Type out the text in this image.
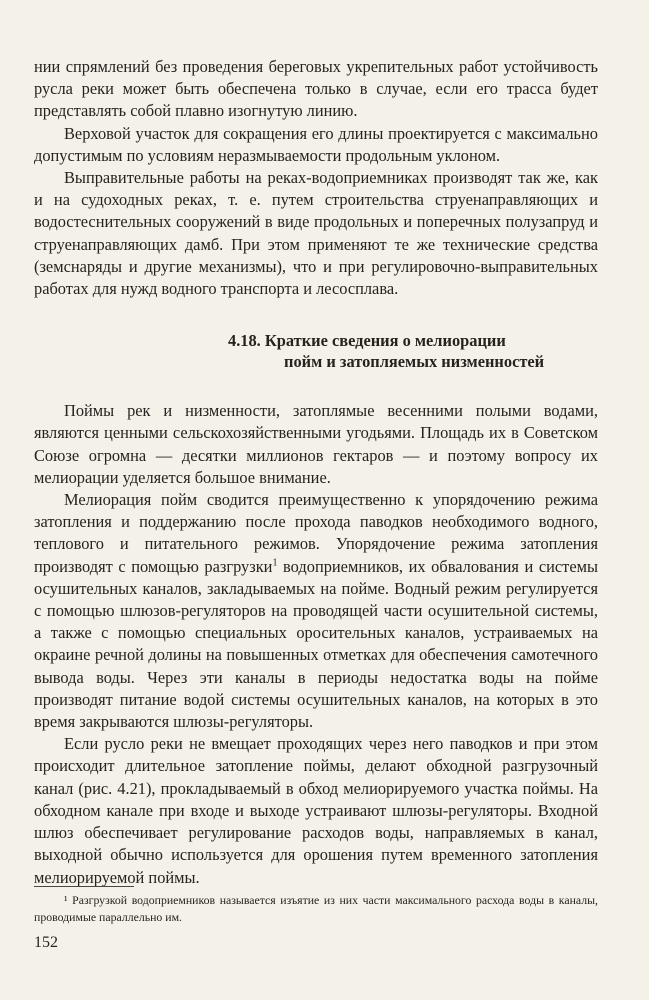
нии спрямлений без проведения береговых укрепительных работ устойчивость русла реки может быть обеспечена только в случае, если его трасса будет представлять собой плавно изогнутую линию.

Верховой участок для сокращения его длины проектируется с максимально допустимым по условиям неразмываемости продольным уклоном.

Выправительные работы на реках-водоприемниках производят так же, как и на судоходных реках, т. е. путем строительства струенаправляющих и водостеснительных сооружений в виде продольных и поперечных полузапруд и струенаправляющих дамб. При этом применяют те же технические средства (земснаряды и другие механизмы), что и при регулировочно-выправительных работах для нужд водного транспорта и лесосплава.

4.18. Краткие сведения о мелиорации
пойм и затопляемых низменностей

Поймы рек и низменности, затоплямые весенними полыми водами, являются ценными сельскохозяйственными угодьями. Площадь их в Советском Союзе огромна — десятки миллионов гектаров — и поэтому вопросу их мелиорации уделяется большое внимание.

Мелиорация пойм сводится преимущественно к упорядочению режима затопления и поддержанию после прохода паводков необходимого водного, теплового и питательного режимов. Упорядочение режима затопления производят с помощью разгрузки$^1$ водоприемников, их обвалования и системы осушительных каналов, закладываемых на пойме. Водный режим регулируется с помощью шлюзов-регуляторов на проводящей части осушительной системы, а также с помощью специальных оросительных каналов, устраиваемых на окраине речной долины на повышенных отметках для обеспечения самотечного вывода воды. Через эти каналы в периоды недостатка воды на пойме производят питание водой системы осушительных каналов, на которых в это время закрываются шлюзы-регуляторы.

Если русло реки не вмещает проходящих через него паводков и при этом происходит длительное затопление поймы, делают обходной разгрузочный канал (рис. 4.21), прокладываемый в обход мелиорируемого участка поймы. На обходном канале при входе и выходе устраивают шлюзы-регуляторы. Входной шлюз обеспечивает регулирование расходов воды, направляемых в канал, выходной обычно используется для орошения путем временного затопления мелиорируемой поймы.

¹ Разгрузкой водоприемников называется изъятие из них части максимального расхода воды в каналы, проводимые параллельно им.

152
